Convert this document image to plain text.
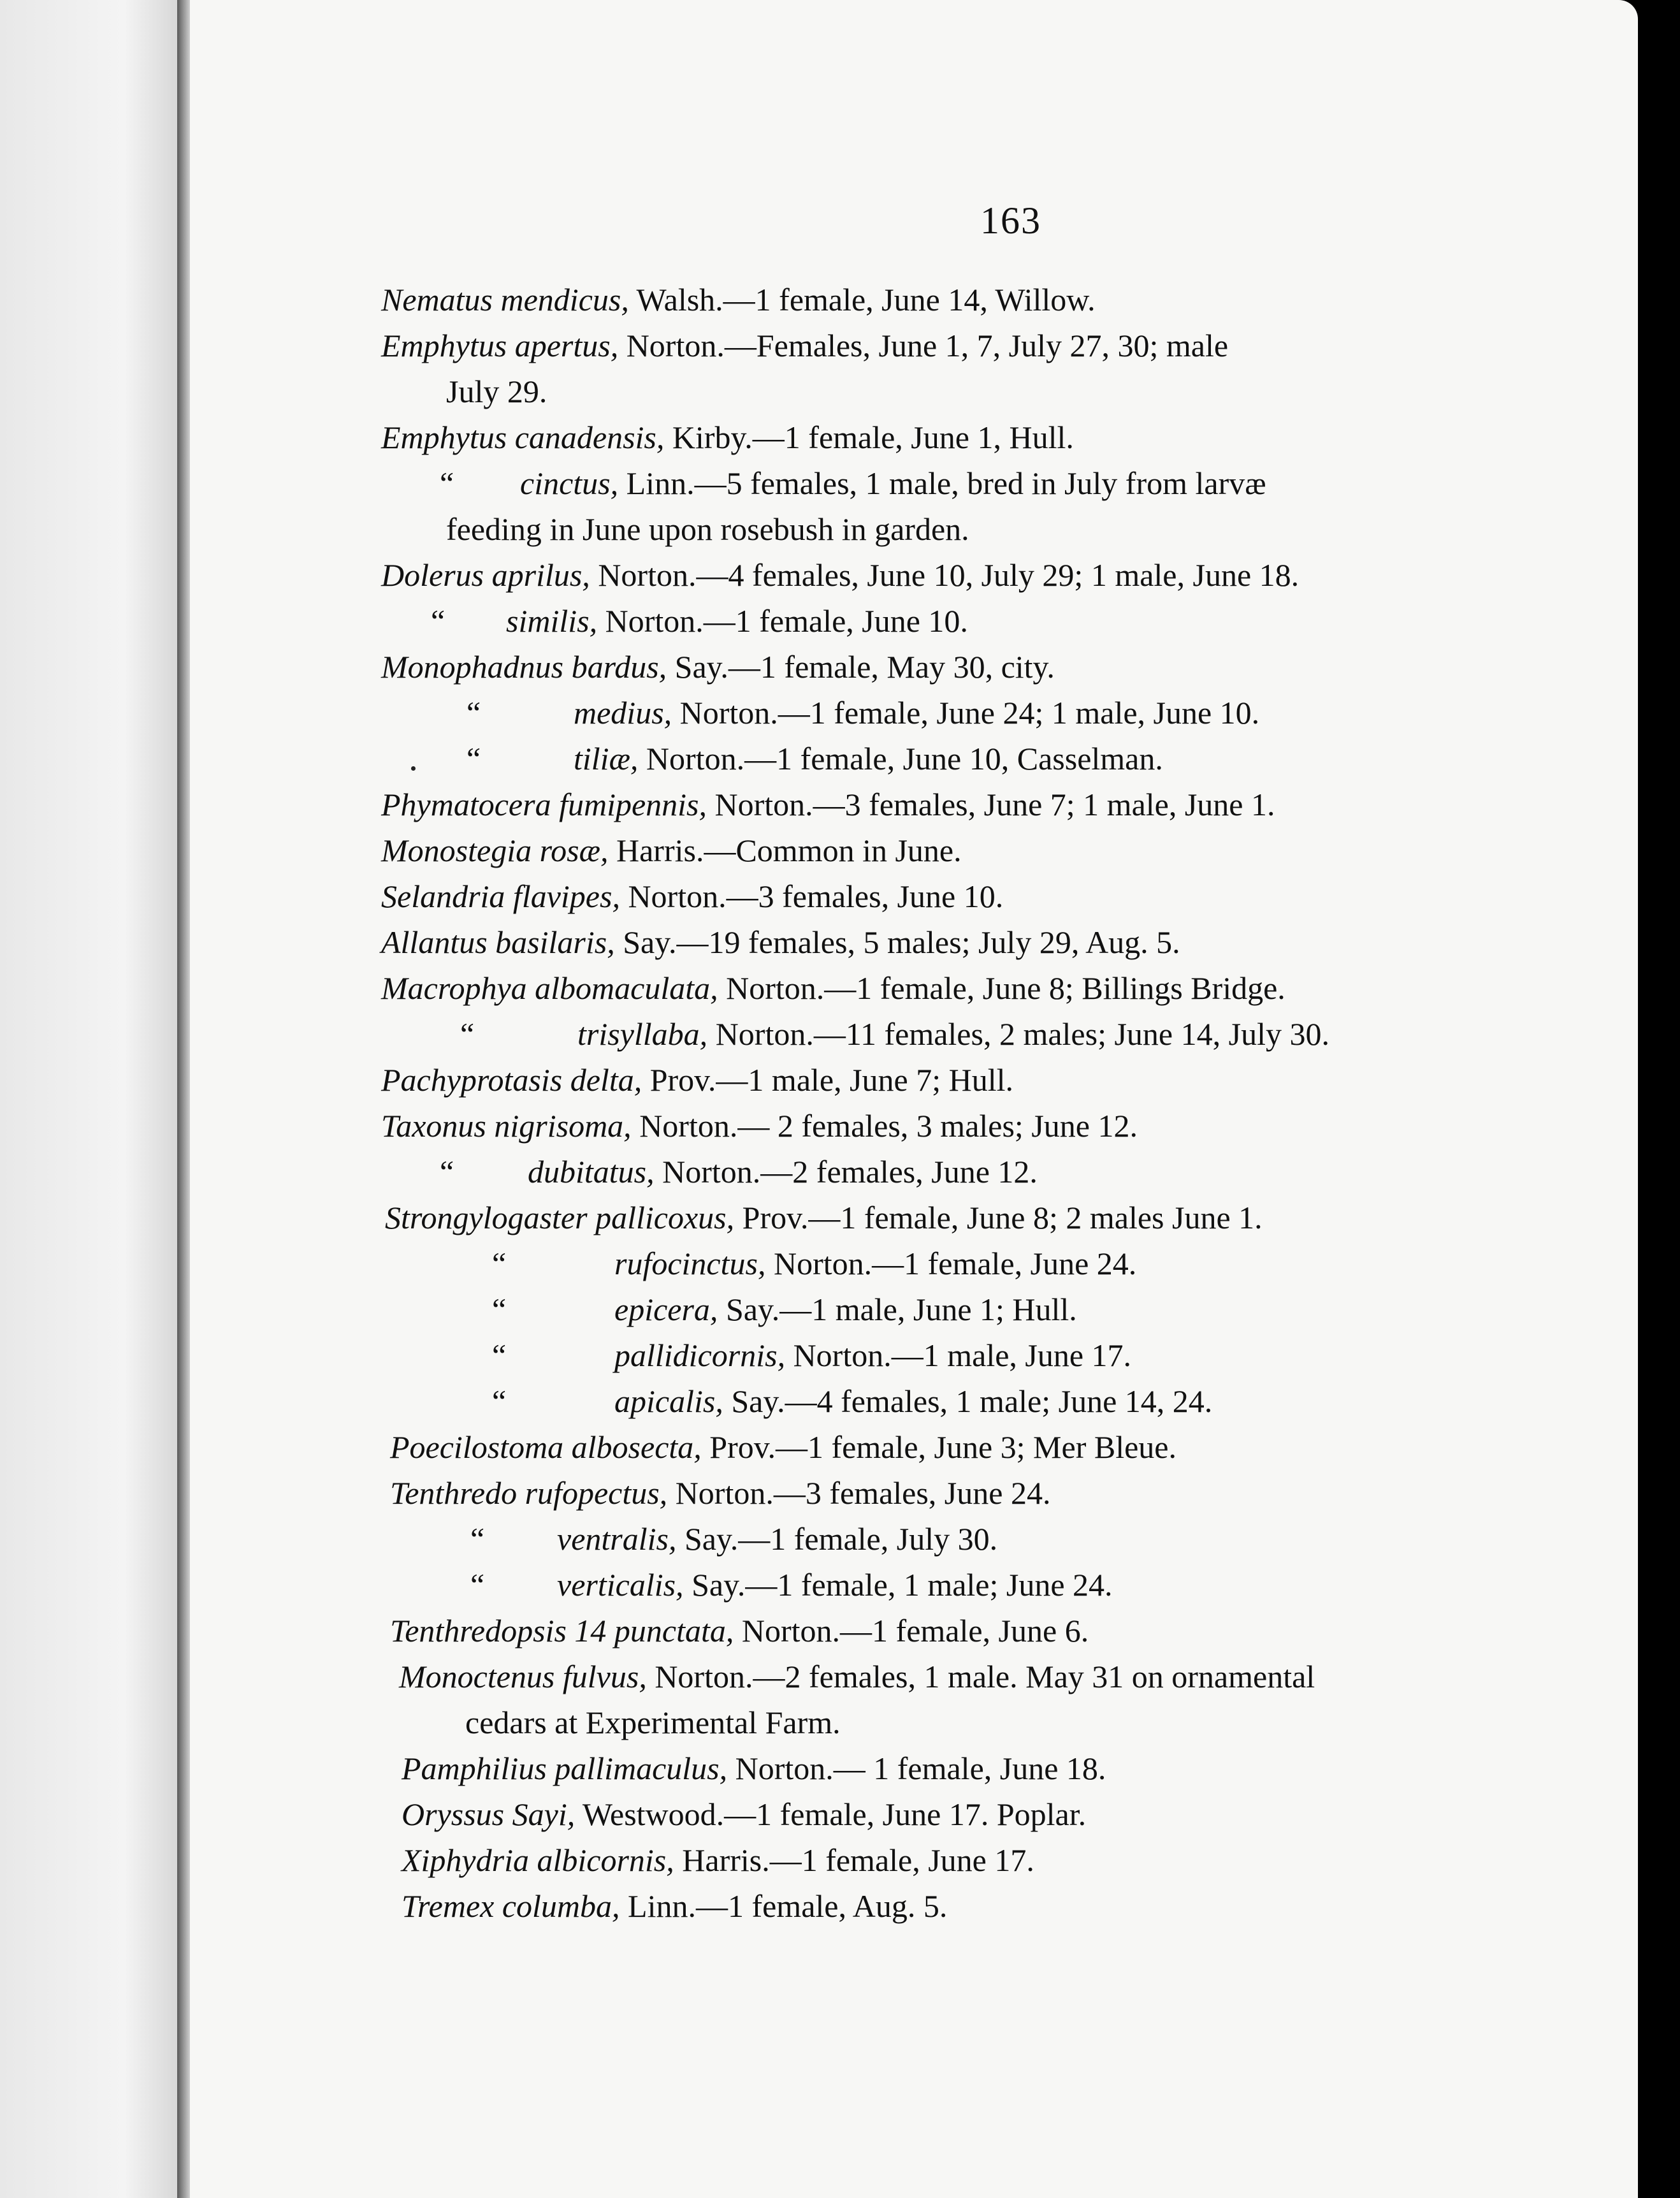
163
Nematus mendicus, Walsh.—1 female, June 14, Willow.
Emphytus apertus, Norton.—Females, June 1, 7, July 27, 30; male
July 29.
Emphytus canadensis, Kirby.—1 female, June 1, Hull.
“ cinctus, Linn.—5 females, 1 male, bred in July from larvæ
feeding in June upon rosebush in garden.
Dolerus aprilus, Norton.—4 females, June 10, July 29; 1 male, June 18.
“ similis, Norton.—1 female, June 10.
Monophadnus bardus, Say.—1 female, May 30, city.
“	medius, Norton.—1 female, June 24; 1 male, June 10.
“	tiliæ, Norton.—1 female, June 10, Casselman.
Phymatocera fumipennis, Norton.—3 females, June 7; 1 male, June 1.
Monostegia rosæ, Harris.—Common in June.
Selandria flavipes, Norton.—3 females, June 10.
Allantus basilaris, Say.—19 females, 5 males; July 29, Aug. 5.
Macrophya albomaculata, Norton.—1 female, June 8; Billings Bridge.
“	trisyllaba, Norton.—11 females, 2 males; June 14, July 30.
Pachyprotasis delta, Prov.—1 male, June 7; Hull.
Taxonus nigrisoma, Norton.— 2 females, 3 males; June 12.
“ dubitatus, Norton.—2 females, June 12.
Strongylogaster pallicoxus, Prov.—1 female, June 8; 2 males June 1.
“	rufocinctus, Norton.—1 female, June 24.
“	epicera, Say.—1 male, June 1; Hull.
“	pallidicornis, Norton.—1 male, June 17.
“	apicalis, Say.—4 females, 1 male; June 14, 24.
Poecilostoma albosecta, Prov.—1 female, June 3; Mer Bleue.
Tenthredo rufopectus, Norton.—3 females, June 24.
“ ventralis, Say.—1 female, July 30.
“ verticalis, Say.—1 female, 1 male; June 24.
Tenthredopsis 14 punctata, Norton.—1 female, June 6.
Monoctenus fulvus, Norton.—2 females, 1 male. May 31 on ornamental
cedars at Experimental Farm.
Pamphilius pallimaculus, Norton.— 1 female, June 18.
Oryssus Sayi, Westwood.—1 female, June 17. Poplar.
Xiphydria albicornis, Harris.—1 female, June 17.
Tremex columba, Linn.—1 female, Aug. 5.
